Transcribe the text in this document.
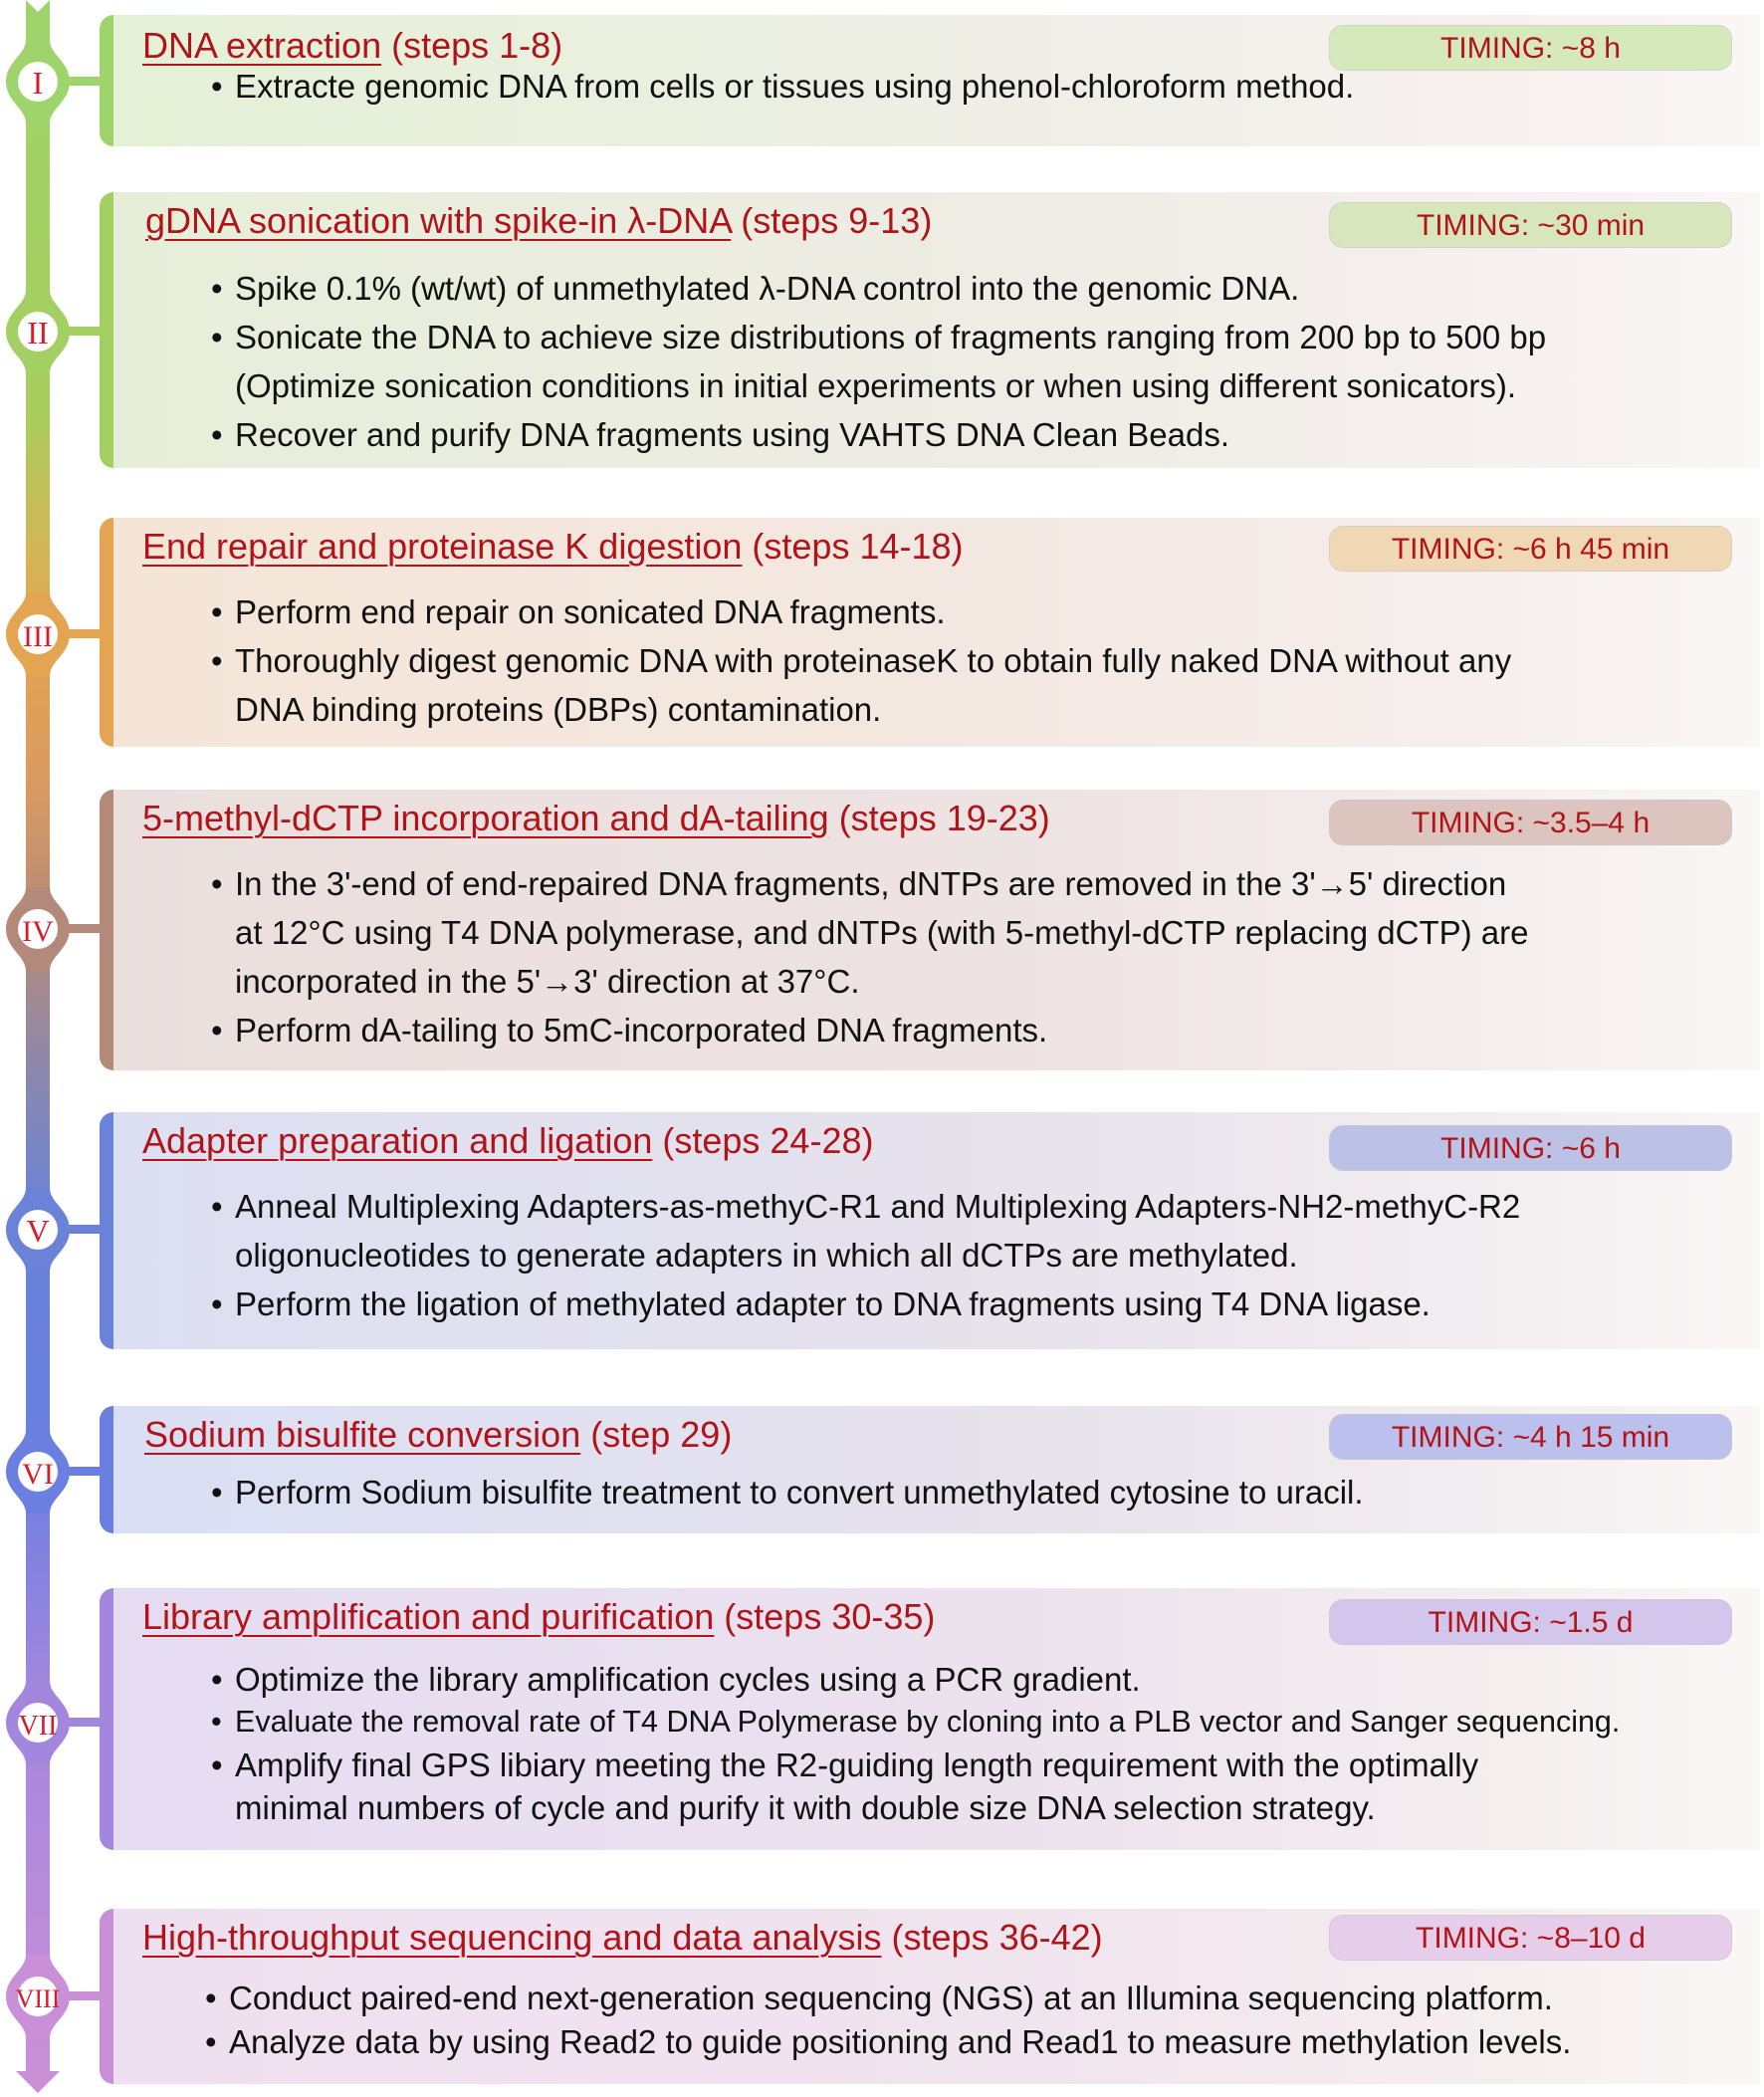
I
II
III
IV
V
VI
VII
VIII
DNA extraction (steps 1-8)	TIMING: ~8 h
• Extracte genomic DNA from cells or tissues using phenol-chloroform method.
gDNA sonication with spike-in λ-DNA (steps 9-13)	TIMING: ~30 min
• Spike 0.1% (wt/wt) of unmethylated λ-DNA control into the genomic DNA.
• Sonicate the DNA to achieve size distributions of fragments ranging from 200 bp to 500 bp
(Optimize sonication conditions in initial experiments or when using different sonicators).
• Recover and purify DNA fragments using VAHTS DNA Clean Beads.
End repair and proteinase K digestion (steps 14-18)	TIMING: ~6 h 45 min
• Perform end repair on sonicated DNA fragments.
• Thoroughly digest genomic DNA with proteinaseK to obtain fully naked DNA without any
DNA binding proteins (DBPs) contamination.
5-methyl-dCTP incorporation and dA-tailing (steps 19-23)	TIMING: ~3.5–4 h
• In the 3'-end of end-repaired DNA fragments, dNTPs are removed in the 3'→5' direction
at 12°C using T4 DNA polymerase, and dNTPs (with 5-methyl-dCTP replacing dCTP) are
incorporated in the 5'→3' direction at 37°C.
• Perform dA-tailing to 5mC-incorporated DNA fragments.
Adapter preparation and ligation (steps 24-28)	TIMING: ~6 h
• Anneal Multiplexing Adapters-as-methyC-R1 and Multiplexing Adapters-NH2-methyC-R2
oligonucleotides to generate adapters in which all dCTPs are methylated.
• Perform the ligation of methylated adapter to DNA fragments using T4 DNA ligase.
Sodium bisulfite conversion (step 29)	TIMING: ~4 h 15 min
• Perform Sodium bisulfite treatment to convert unmethylated cytosine to uracil.
Library amplification and purification (steps 30-35)	TIMING: ~1.5 d
• Optimize the library amplification cycles using a PCR gradient.
• Evaluate the removal rate of T4 DNA Polymerase by cloning into a PLB vector and Sanger sequencing.
• Amplify final GPS libiary meeting the R2-guiding length requirement with the optimally
minimal numbers of cycle and purify it with double size DNA selection strategy.
High-throughput sequencing and data analysis (steps 36-42)	TIMING: ~8–10 d
• Conduct paired-end next-generation sequencing (NGS) at an Illumina sequencing platform.
• Analyze data by using Read2 to guide positioning and Read1 to measure methylation levels.
